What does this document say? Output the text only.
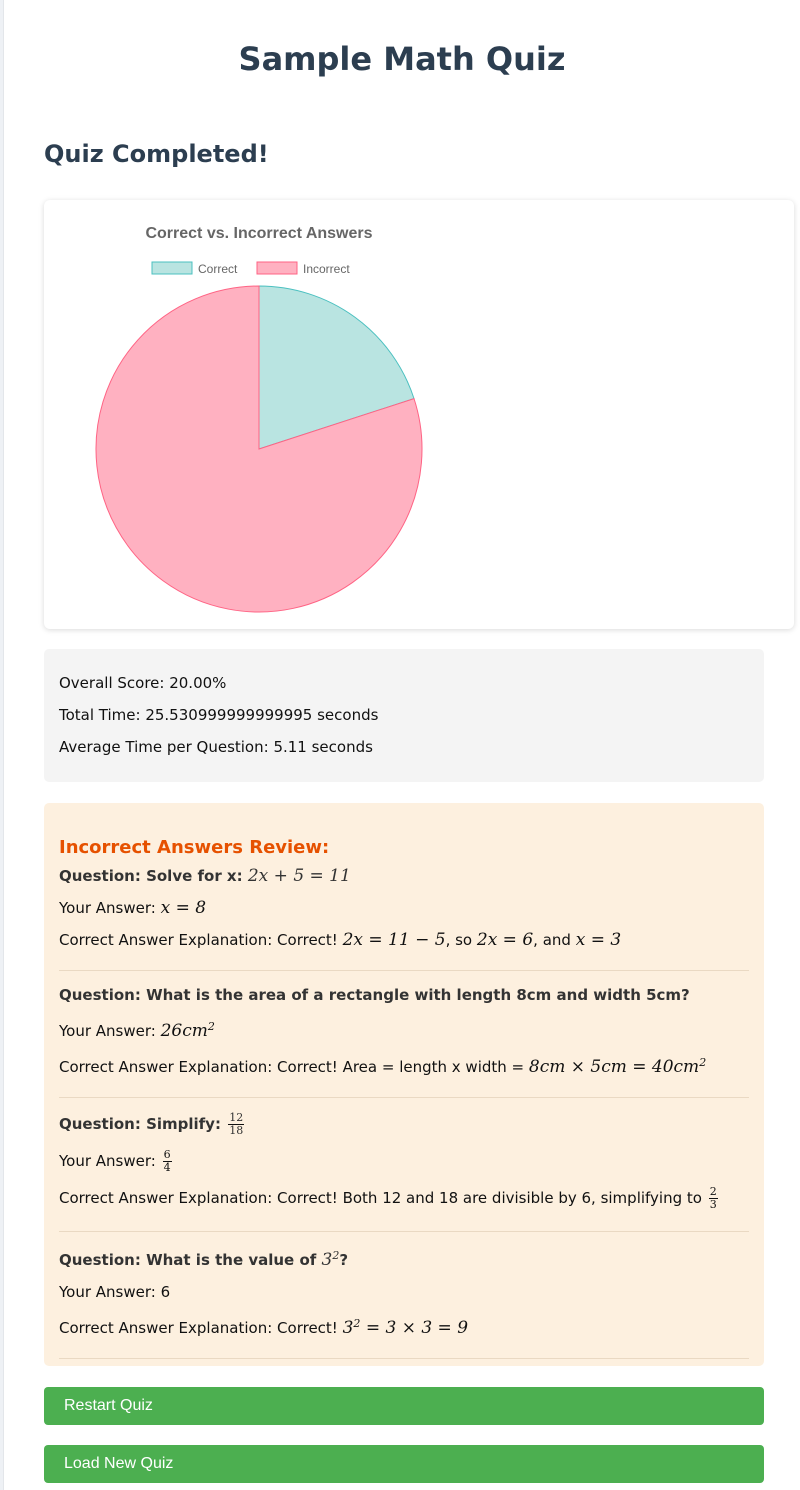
Sample Math Quiz
Quiz Completed!
Correct vs. Incorrect Answers
Correct	Incorrect

Overall Score: 20.00%

Total Time: 25.530999999999995 seconds

Average Time per Question: 5.11 seconds

Incorrect Answers Review:

Question: Solve for x: 2x + 5 = 11

Your Answer: x = 8

Correct Answer Explanation: Correct! 2x = 11 − 5, so 2x = 6, and x = 3

Question: What is the area of a rectangle with length 8cm and width 5cm?

Your Answer: $26cm^2$

Correct Answer Explanation: Correct! Area = length x width = $8cm \times 5cm = 40cm^2$

Question: Simplify: $\frac{12}{18}$

Your Answer: $\frac{6}{4}$

Correct Answer Explanation: Correct! Both 12 and 18 are divisible by 6, simplifying to $\frac{2}{3}$

Question: What is the value of $3^2$?

Your Answer: 6

Correct Answer Explanation: Correct! $3^2 = 3 \times 3 = 9$

Restart Quiz
Load New Quiz
